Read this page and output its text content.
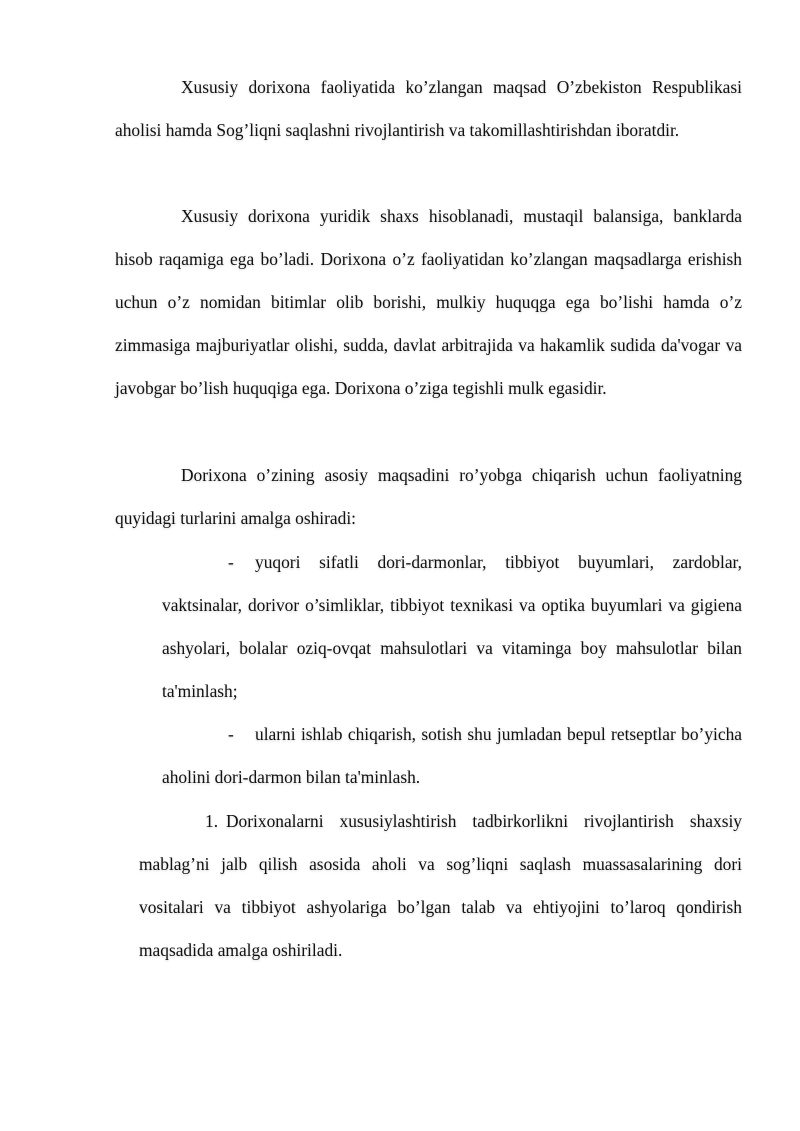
Xususiy dorixona faoliyatida ko’zlangan maqsad O’zbekiston Respublikasi aholisi hamda Sog’liqni saqlashni rivojlantirish va takomillashtirishdan iboratdir.

Xususiy dorixona yuridik shaxs hisoblanadi, mustaqil balansiga, banklarda hisob raqamiga ega bo’ladi. Dorixona o’z faoliyatidan ko’zlangan maqsadlarga erishish uchun o’z nomidan bitimlar olib borishi, mulkiy huquqga ega bo’lishi hamda o’z zimmasiga majburiyatlar olishi, sudda, davlat arbitrajida va hakamlik sudida da'vogar va javobgar bo’lish huquqiga ega. Dorixona o’ziga tegishli mulk egasidir.

Dorixona o’zining asosiy maqsadini ro’yobga chiqarish uchun faoliyatning quyidagi turlarini amalga oshiradi:

- yuqori sifatli dori-darmonlar, tibbiyot buyumlari, zardoblar, vaktsinalar, dorivor o’simliklar, tibbiyot texnikasi va optika buyumlari va gigiena ashyolari, bolalar oziq-ovqat mahsulotlari va vitaminga boy mahsulotlar bilan ta'minlash;

- ularni ishlab chiqarish, sotish shu jumladan bepul retseptlar bo’yicha aholini dori-darmon bilan ta'minlash.

1. Dorixonalarni xususiylashtirish tadbirkorlikni rivojlantirish shaxsiy mablag’ni jalb qilish asosida aholi va sog’liqni saqlash muassasalarining dori vositalari va tibbiyot ashyolariga bo’lgan talab va ehtiyojini to’laroq qondirish maqsadida amalga oshiriladi.
